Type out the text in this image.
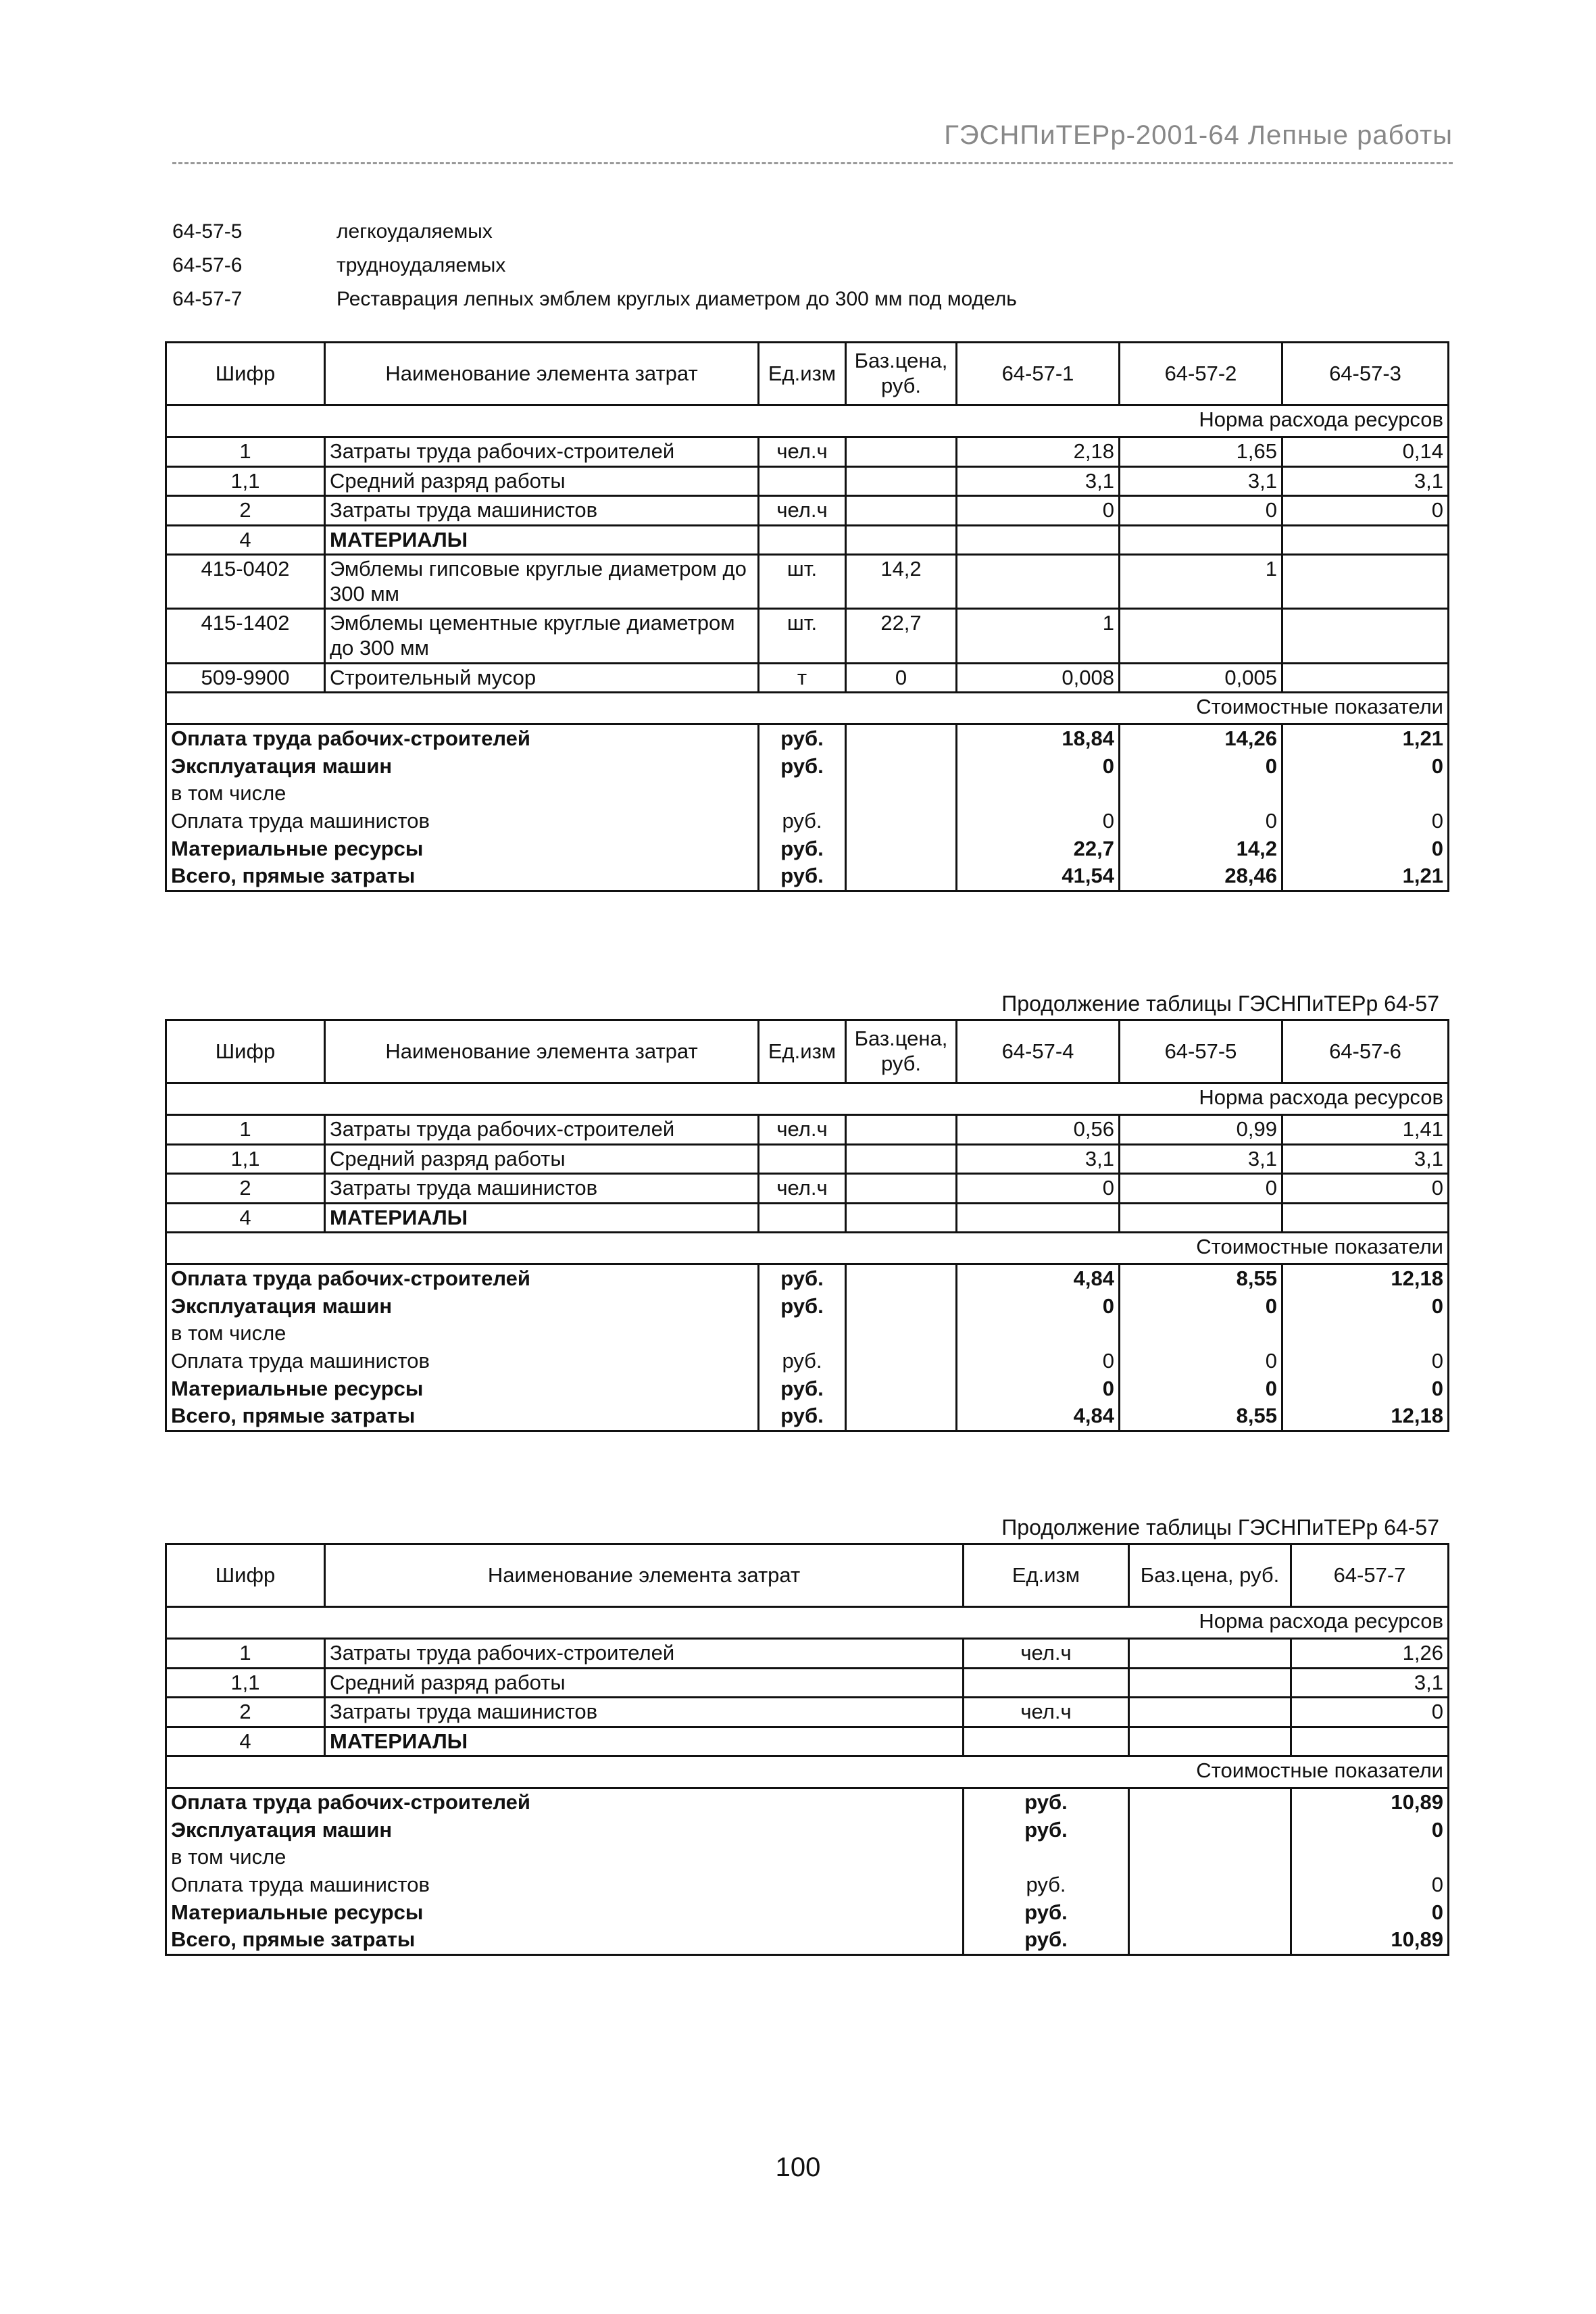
ГЭСНПиТЕРр-2001-64 Лепные работы
64-57-5	легкоудаляемых
64-57-6	трудноудаляемых
64-57-7	Реставрация лепных эмблем круглых диаметром до 300 мм под модель
Продолжение таблицы ГЭСНПиТЕРр 64-57
Продолжение таблицы ГЭСНПиТЕРр 64-57
Шифр	Наименование элемента затрат	Ед.изм	Баз.цена, руб.	64-57-1	64-57-2	64-57-3
Норма расхода ресурсов						
1	Затраты труда рабочих-строителей	чел.ч		2,18	1,65	0,14
1,1	Средний разряд работы			3,1	3,1	3,1
2	Затраты труда машинистов	чел.ч		0	0	0
4	МАТЕРИАЛЫ					
415-0402	Эмблемы гипсовые круглые диаметром до 300 мм	шт.	14,2		1	
415-1402	Эмблемы цементные круглые диаметром до 300 мм	шт.	22,7	1		
509-9900	Строительный мусор	т	0	0,008	0,005	
Стоимостные показатели						
Оплата труда рабочих-строителей		руб.		18,84	14,26	1,21
Эксплуатация машин		руб.		0	0	0
в том числе						
Оплата труда машинистов		руб.		0	0	0
Материальные ресурсы		руб.		22,7	14,2	0
Всего, прямые затраты		руб.		41,54	28,46	1,21
Шифр	Наименование элемента затрат	Ед.изм	Баз.цена, руб.	64-57-4	64-57-5	64-57-6
Норма расхода ресурсов						
1	Затраты труда рабочих-строителей	чел.ч		0,56	0,99	1,41
1,1	Средний разряд работы			3,1	3,1	3,1
2	Затраты труда машинистов	чел.ч		0	0	0
4	МАТЕРИАЛЫ					
Стоимостные показатели						
Оплата труда рабочих-строителей		руб.		4,84	8,55	12,18
Эксплуатация машин		руб.		0	0	0
в том числе						
Оплата труда машинистов		руб.		0	0	0
Материальные ресурсы		руб.		0	0	0
Всего, прямые затраты		руб.		4,84	8,55	12,18
Шифр	Наименование элемента затрат	Ед.изм	Баз.цена, руб.	64-57-7
Норма расхода ресурсов				
1	Затраты труда рабочих-строителей	чел.ч		1,26
1,1	Средний разряд работы			3,1
2	Затраты труда машинистов	чел.ч		0
4	МАТЕРИАЛЫ			
Стоимостные показатели				
Оплата труда рабочих-строителей		руб.		10,89
Эксплуатация машин		руб.		0
в том числе				
Оплата труда машинистов		руб.		0
Материальные ресурсы		руб.		0
Всего, прямые затраты		руб.		10,89
100
